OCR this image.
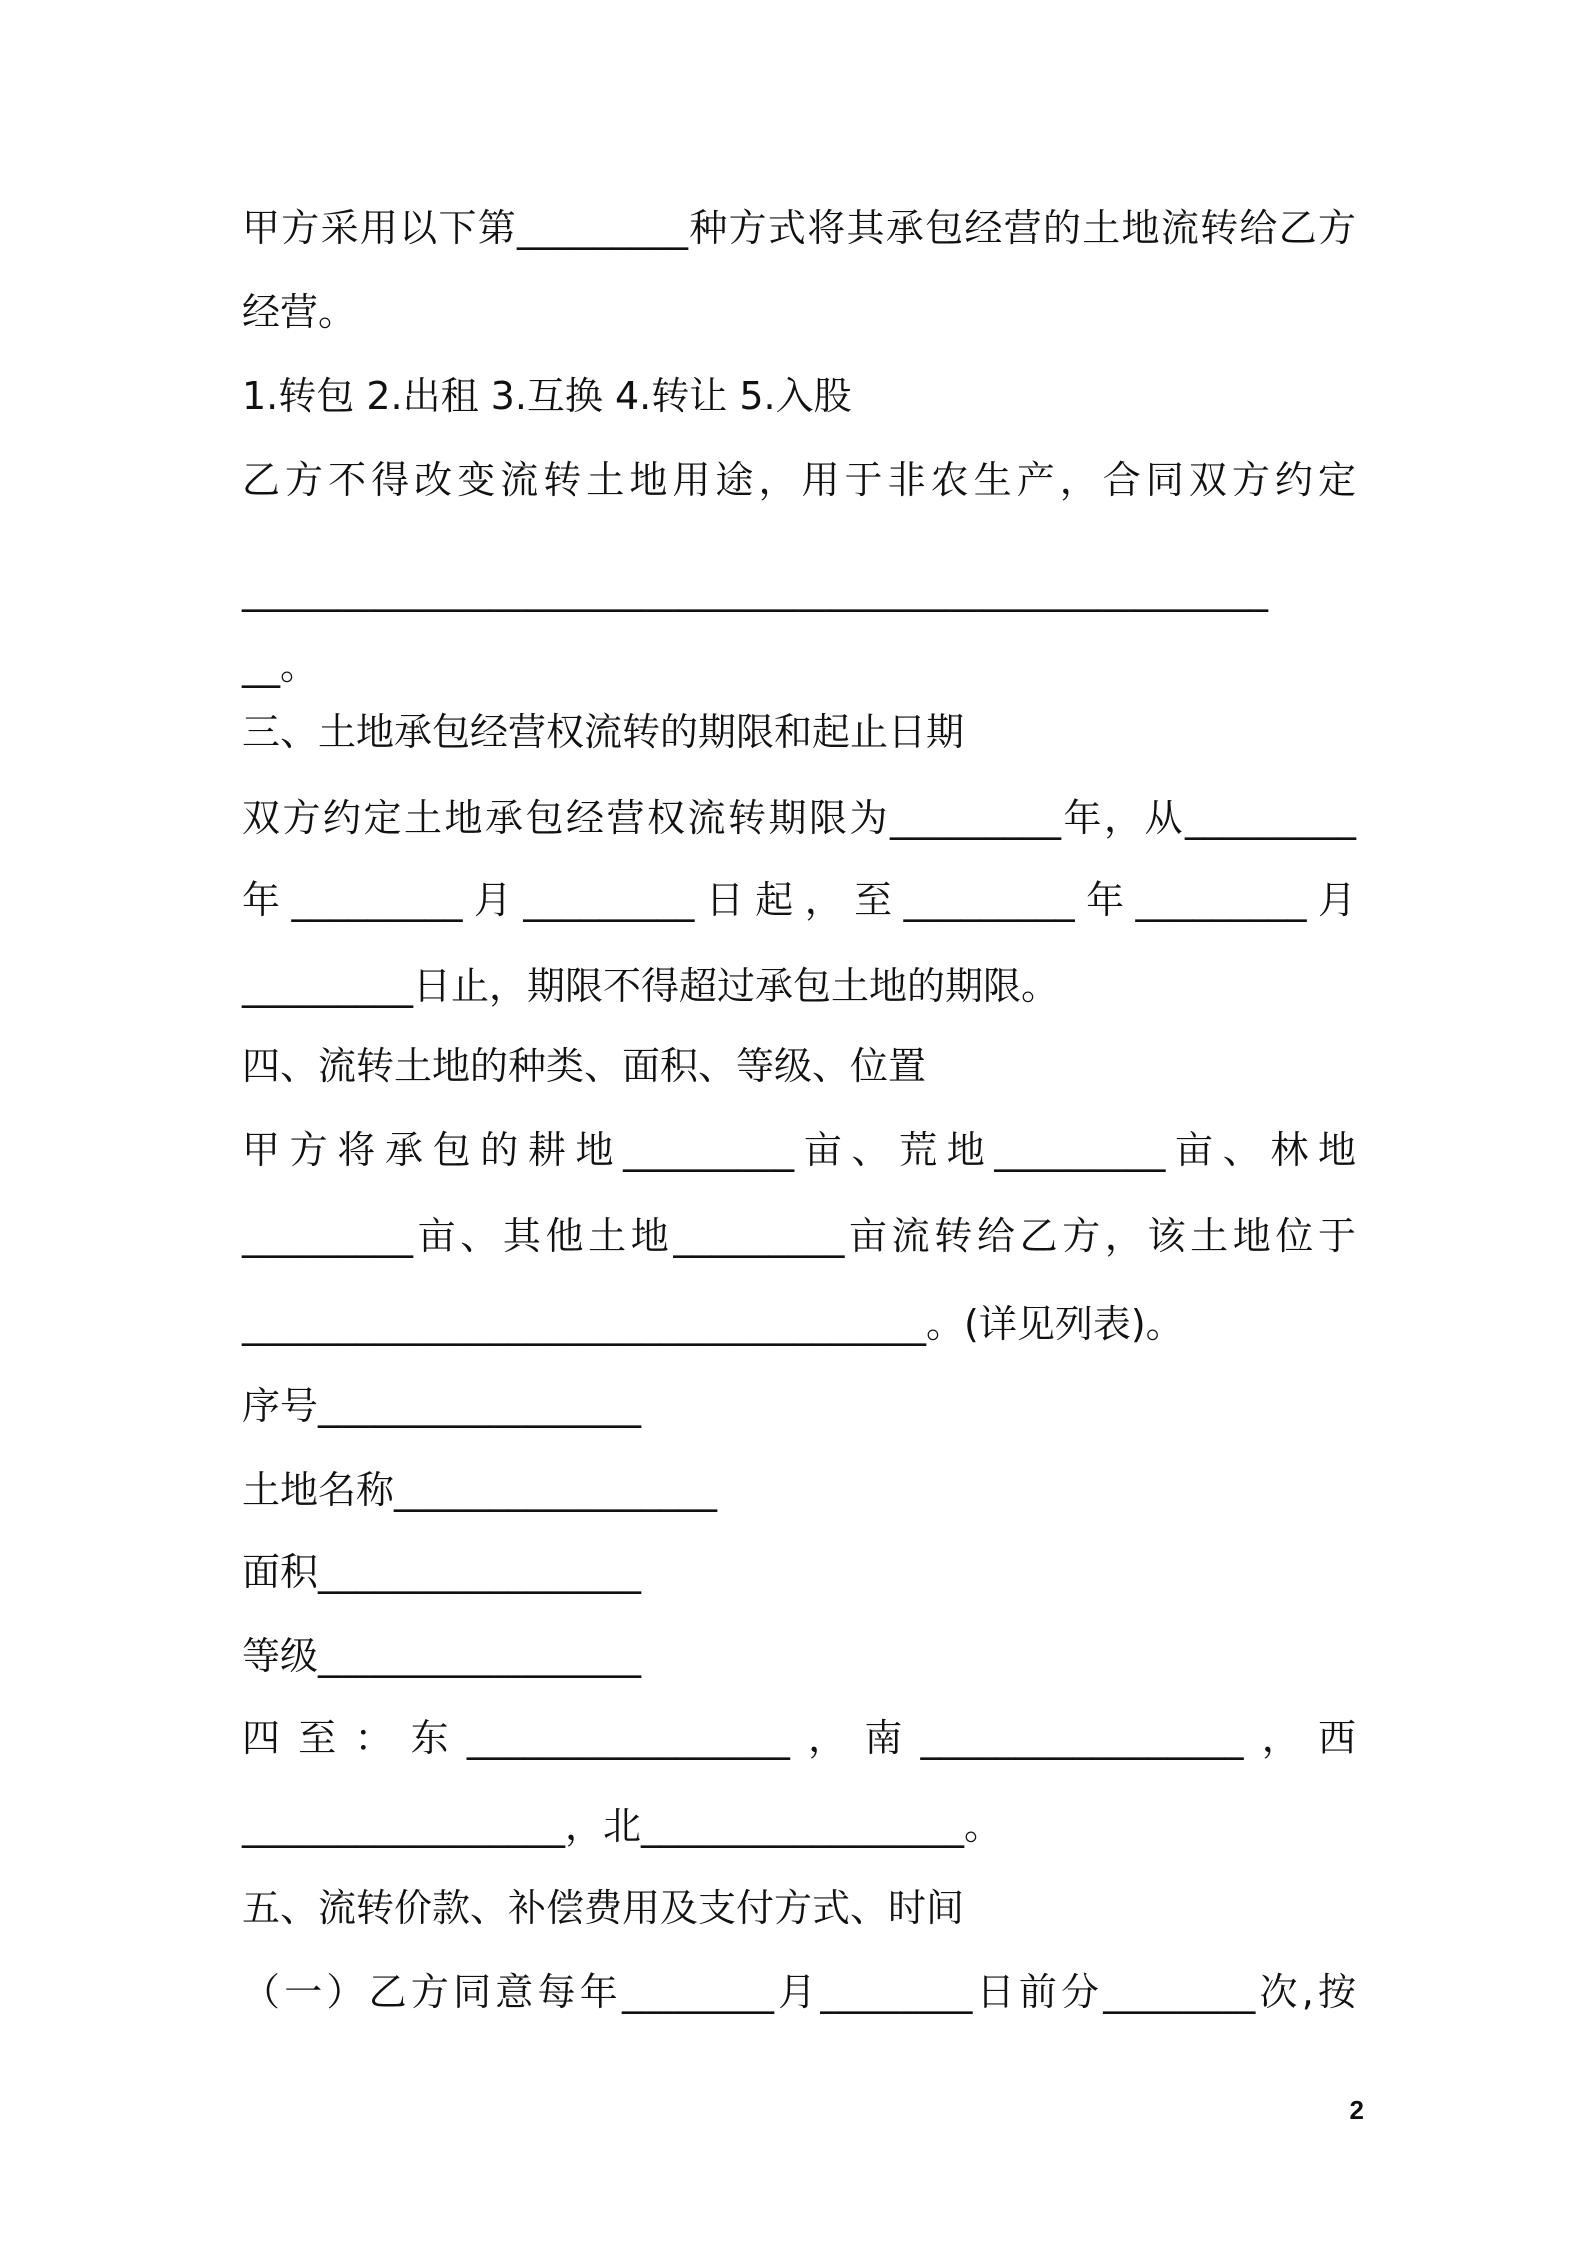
甲方采用以下第_________种方式将其承包经营的土地流转给乙方
经营。
1.转包 2.出租 3.互换 4.转让 5.入股
乙方不得改变流转土地用途，用于非农生产，合同双方约定
______________________________________________________
__。
三、土地承包经营权流转的期限和起止日期
双方约定土地承包经营权流转期限为_________年，从_________
年_________月_________日起，至_________年_________月
_________日止，期限不得超过承包土地的期限。
四、流转土地的种类、面积、等级、位置
甲方将承包的耕地_________亩、荒地_________亩、林地
_________亩、其他土地_________亩流转给乙方，该土地位于
____________________________________。(详见列表)。
序号_________________
土地名称_________________
面积_________________
等级_________________
四至：东_________________，南_________________，西
_________________，北_________________。
五、流转价款、补偿费用及支付方式、时间
（一）乙方同意每年________月________日前分________次,按
2
